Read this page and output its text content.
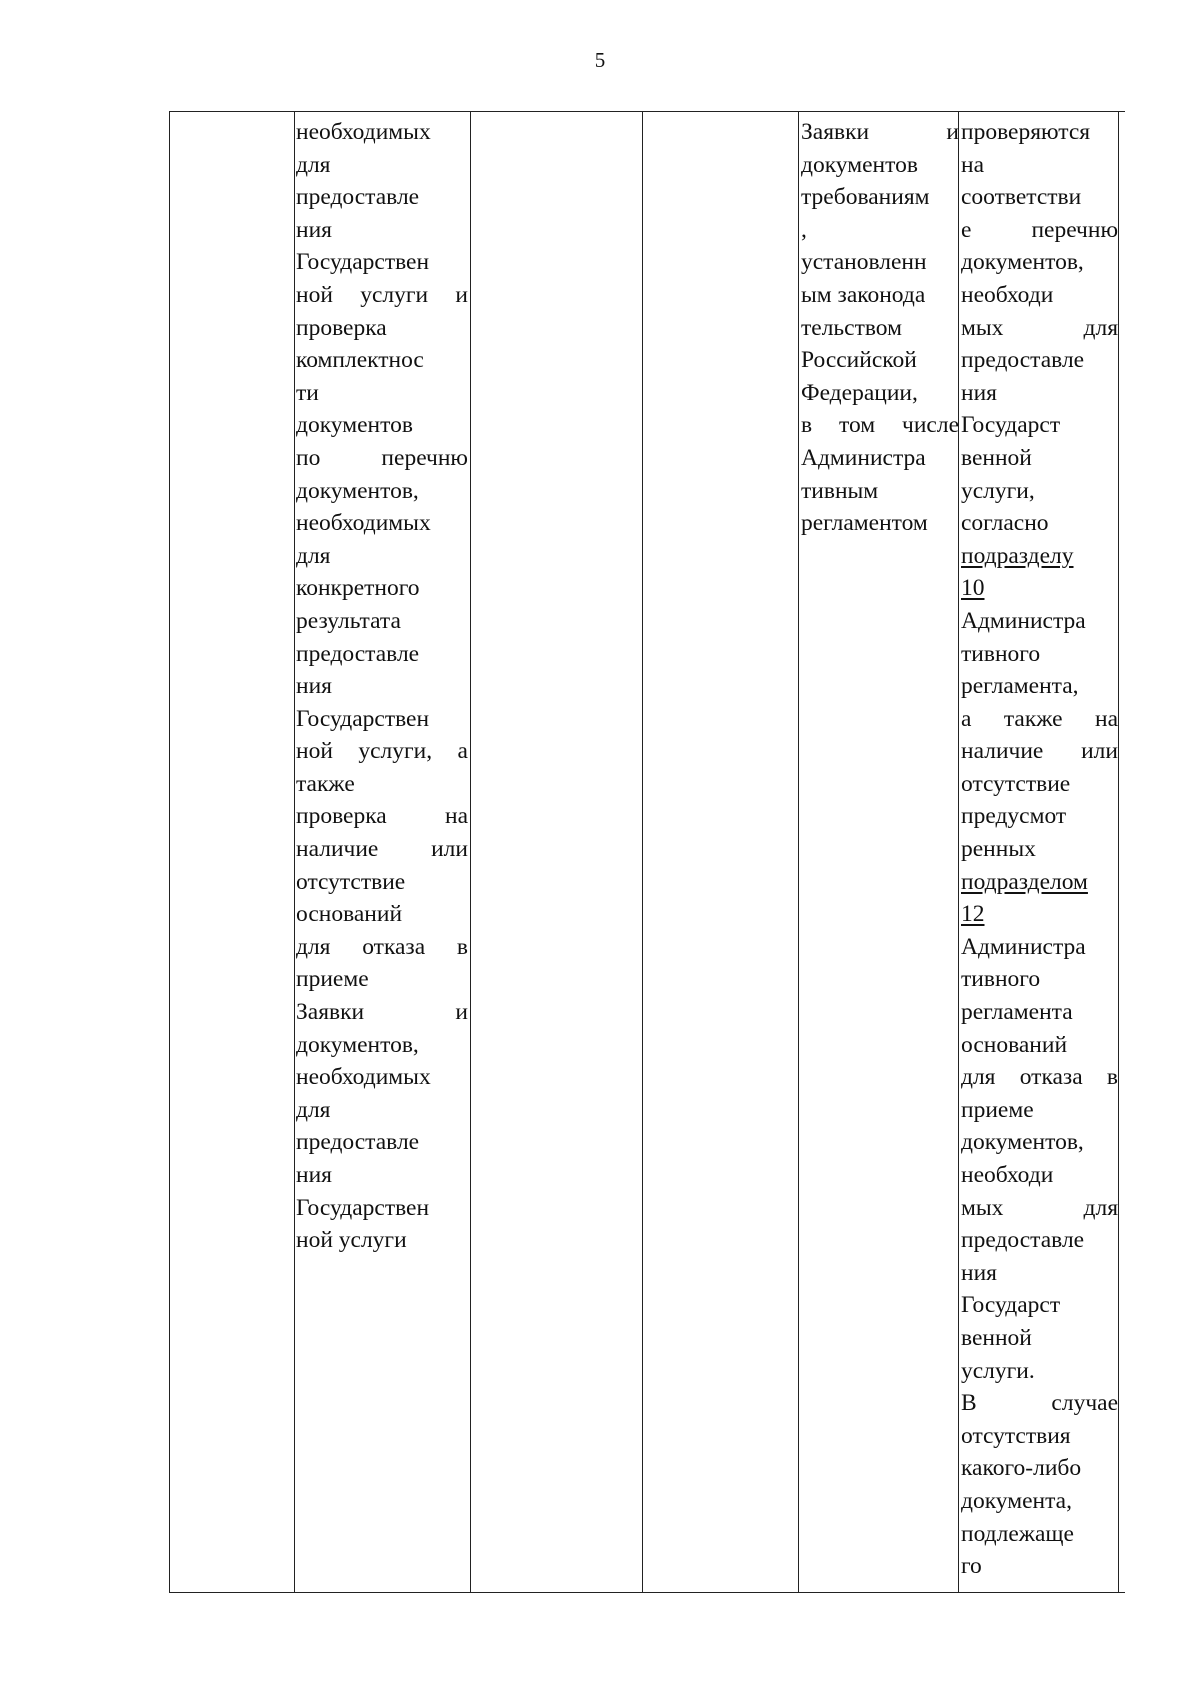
5
необходимых
для
предоставле
ния
Государствен
ной услуги и
проверка
комплектнос
ти
документов
по перечню
документов,
необходимых
для
конкретного
результата
предоставле
ния
Государствен
ной услуги, а
также
проверка на
наличие или
отсутствие
оснований
для отказа в
приеме
Заявки и
документов,
необходимых
для
предоставле
ния
Государствен
ной услуги
Заявки и
документов
требованиям
,
установленн
ым законода
тельством
Российской
Федерации,
в том числе
Администра
тивным
регламентом
проверяются
на
соответстви
е перечню
документов,
необходи
мых для
предоставле
ния
Государст
венной
услуги,
согласно
подразделу
10
Администра
тивного
регламента,
а также на
наличие или
отсутствие
предусмот
ренных
подразделом
12
Администра
тивного
регламента
оснований
для отказа в
приеме
документов,
необходи
мых для
предоставле
ния
Государст
венной
услуги.
В случае
отсутствия
какого-либо
документа,
подлежаще
го
